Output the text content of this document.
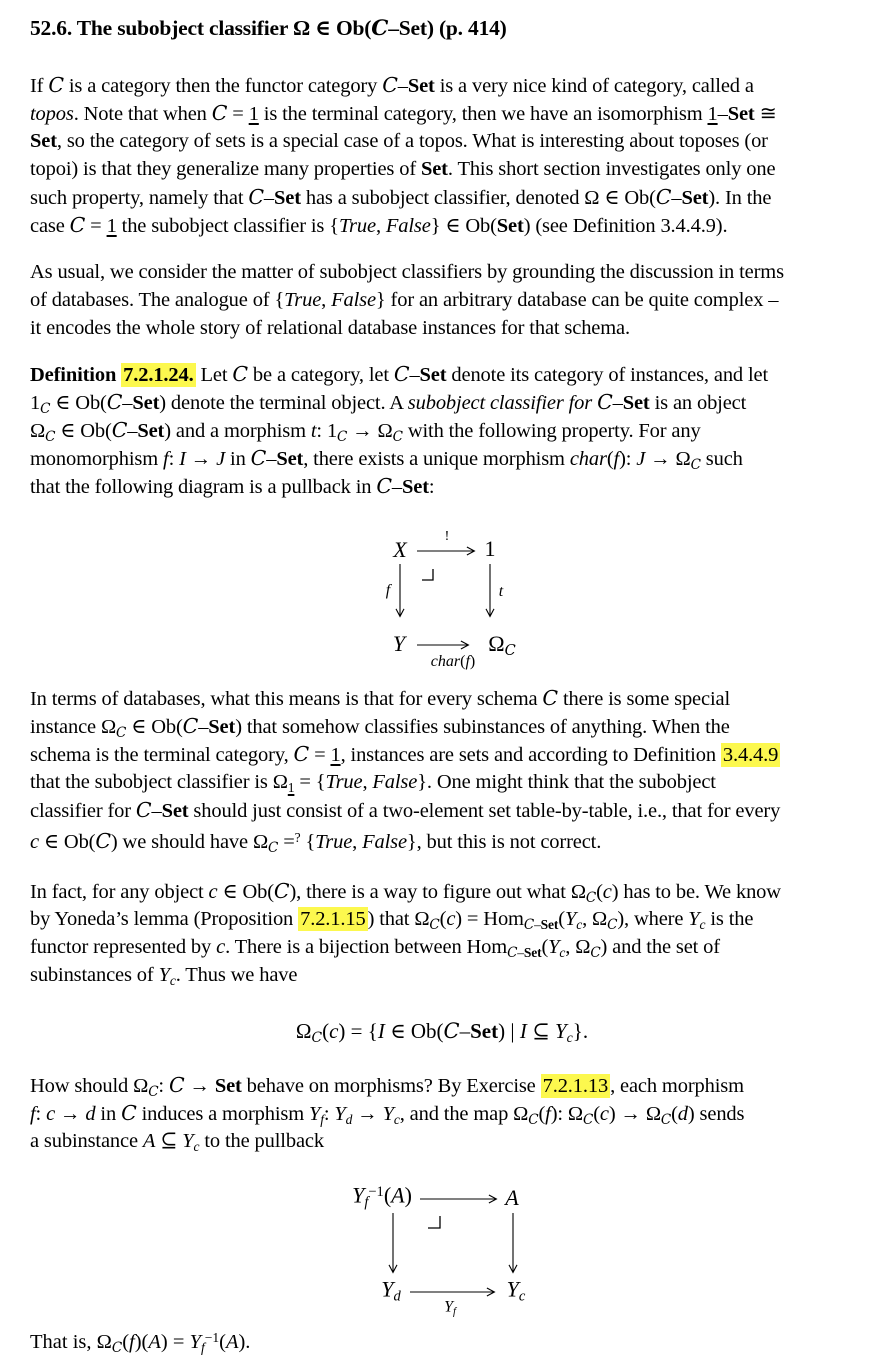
52.6. The subobject classifier Ω ∈ Ob(C–Set) (p. 414)
If C is a category then the functor category C–Set is a very nice kind of category, called a
topos. Note that when C = 1 is the terminal category, then we have an isomorphism 1–Set ≅
Set, so the category of sets is a special case of a topos. What is interesting about toposes (or
topoi) is that they generalize many properties of Set. This short section investigates only one
such property, namely that C–Set has a subobject classifier, denoted Ω ∈ Ob(C–Set). In the
case C = 1 the subobject classifier is {True, False} ∈ Ob(Set) (see Definition 3.4.4.9).
As usual, we consider the matter of subobject classifiers by grounding the discussion in terms
of databases. The analogue of {True, False} for an arbitrary database can be quite complex –
it encodes the whole story of relational database instances for that schema.
Definition 7.2.1.24. Let C be a category, let C–Set denote its category of instances, and let
$1_C$ ∈ Ob(C–Set) denote the terminal object. A subobject classifier for C–Set is an object
$\Omega_C$ ∈ Ob(C–Set) and a morphism t: $1_C \to \Omega_C$ with the following property. For any
monomorphism f: I → J in C–Set, there exists a unique morphism char(f): $J \to \Omega_C$ such
that the following diagram is a pullback in C–Set:
X	1
Y	$\Omega_C$
!
f	t
char(f)
In terms of databases, what this means is that for every schema C there is some special
instance $\Omega_C$ ∈ Ob(C–Set) that somehow classifies subinstances of anything. When the
schema is the terminal category, C = 1, instances are sets and according to Definition 3.4.4.9
that the subobject classifier is $\Omega_1$ = {True, False}. One might think that the subobject
classifier for C–Set should just consist of a two-element set table-by-table, i.e., that for every
c ∈ Ob(C) we should have $\Omega_C =^?$ {True, False}, but this is not correct.
In fact, for any object c ∈ Ob(C), there is a way to figure out what $\Omega_C(c)$ has to be. We know
by Yoneda’s lemma (Proposition 7.2.1.15) that $\Omega_C(c) = Hom_{C-Set}(Y_c$, $\Omega_C$), where $Y_c$ is the
functor represented by c. There is a bijection between $Hom_{C-Set}(Y_c$, $\Omega_C$) and the set of
subinstances of $Y_c$. Thus we have
$\Omega_C(c) = \{I$ ∈ Ob(C–Set) | I ⊆ $Y_c$}.
How should $\Omega_C$: C → Set behave on morphisms? By Exercise 7.2.1.13, each morphism
f: c → d in C induces a morphism $Y_f$: $Y_d \to Y_c$, and the map $\Omega_C(f)$: $\Omega_C(c) \to \Omega_C(d)$ sends
a subinstance A ⊆ $Y_c$ to the pullback
$Y_f^{-1}(A)$	A
$Y_d$	$Y_c$
$Y_f$
That is, $\Omega_C(f)(A) = Y_f^{-1}(A)$.
